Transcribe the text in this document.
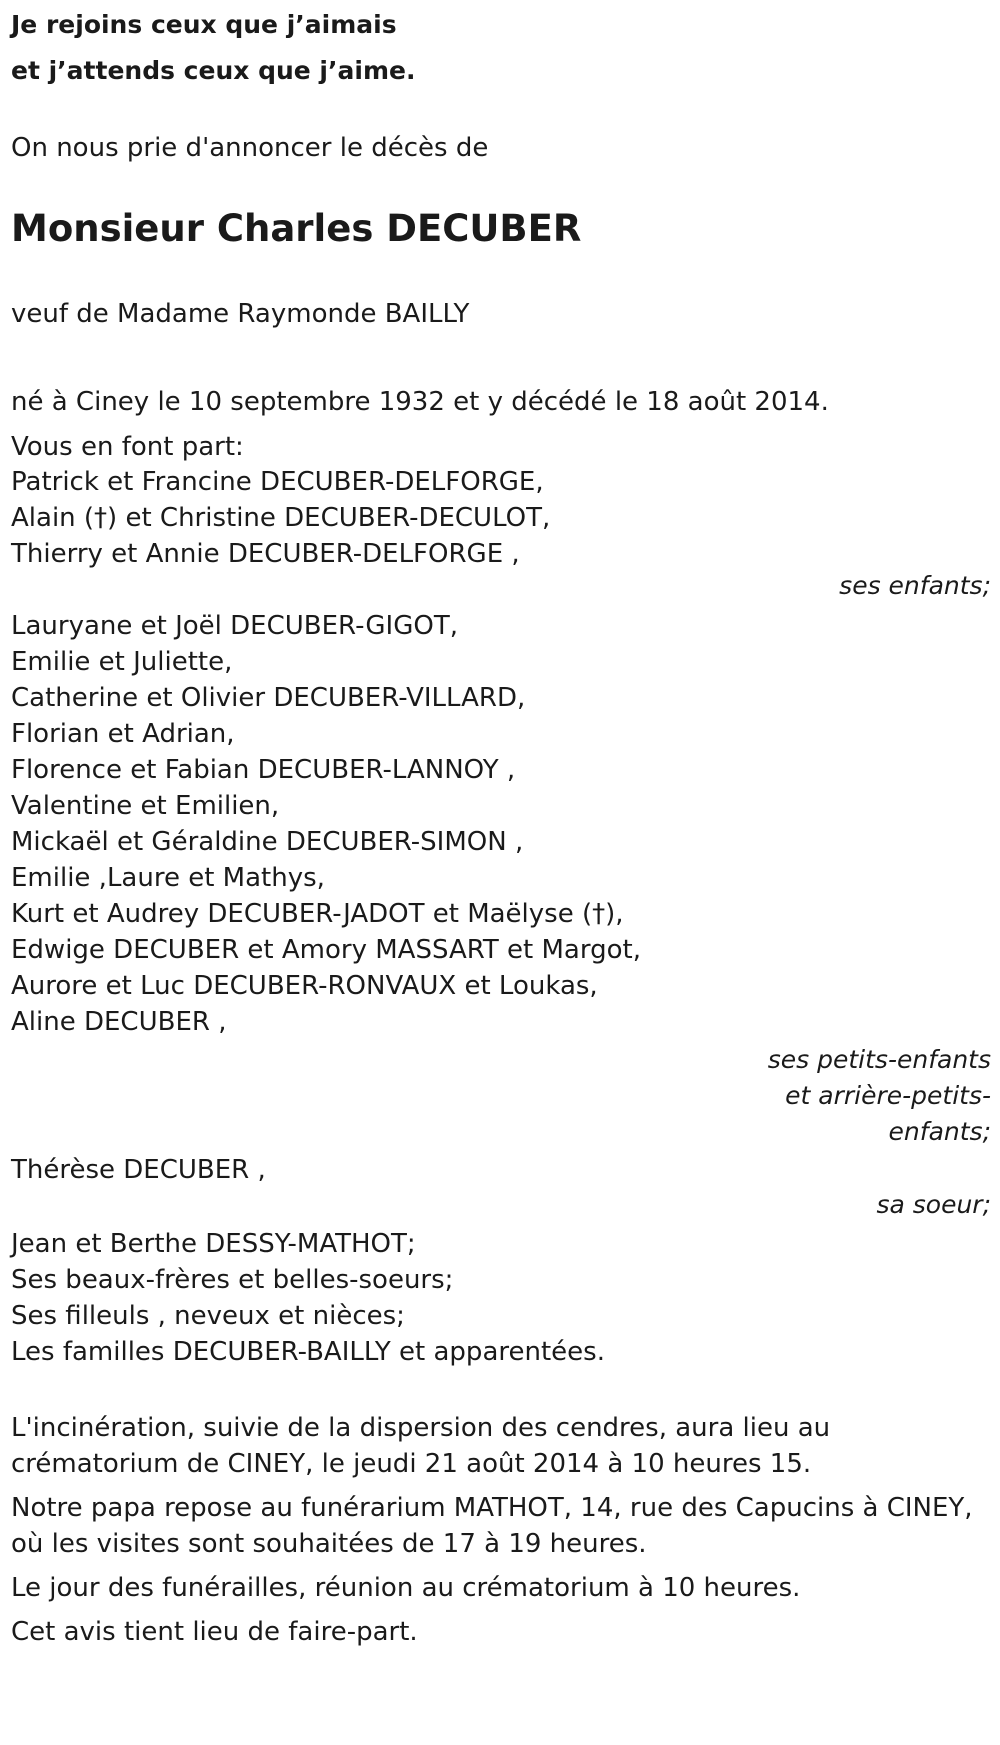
Je rejoins ceux que j’aimais
et j’attends ceux que j’aime.
On nous prie d'annoncer le décès de
Monsieur Charles DECUBER
veuf de Madame Raymonde BAILLY
né à Ciney le 10 septembre 1932 et y décédé le 18 août 2014.
Vous en font part:
Patrick et Francine DECUBER-DELFORGE,
Alain (†) et Christine DECUBER-DECULOT,
Thierry et Annie DECUBER-DELFORGE ,
ses enfants;
Lauryane et Joël DECUBER-GIGOT,
Emilie et Juliette,
Catherine et Olivier DECUBER-VILLARD,
Florian et Adrian,
Florence et Fabian DECUBER-LANNOY ,
Valentine et Emilien,
Mickaël et Géraldine DECUBER-SIMON ,
Emilie ,Laure et Mathys,
Kurt et Audrey DECUBER-JADOT et Maëlyse (†),
Edwige DECUBER et Amory MASSART et Margot,
Aurore et Luc DECUBER-RONVAUX et Loukas,
Aline DECUBER ,
ses petits-enfants
et arrière-petits-
enfants;
Thérèse DECUBER ,
sa soeur;
Jean et Berthe DESSY-MATHOT;
Ses beaux-frères et belles-soeurs;
Ses filleuls , neveux et nièces;
Les familles DECUBER-BAILLY et apparentées.
L'incinération, suivie de la dispersion des cendres, aura lieu au
crématorium de CINEY, le jeudi 21 août 2014 à 10 heures 15.
Notre papa repose au funérarium MATHOT, 14, rue des Capucins à CINEY,
où les visites sont souhaitées de 17 à 19 heures.
Le jour des funérailles, réunion au crématorium à 10 heures.
Cet avis tient lieu de faire-part.
